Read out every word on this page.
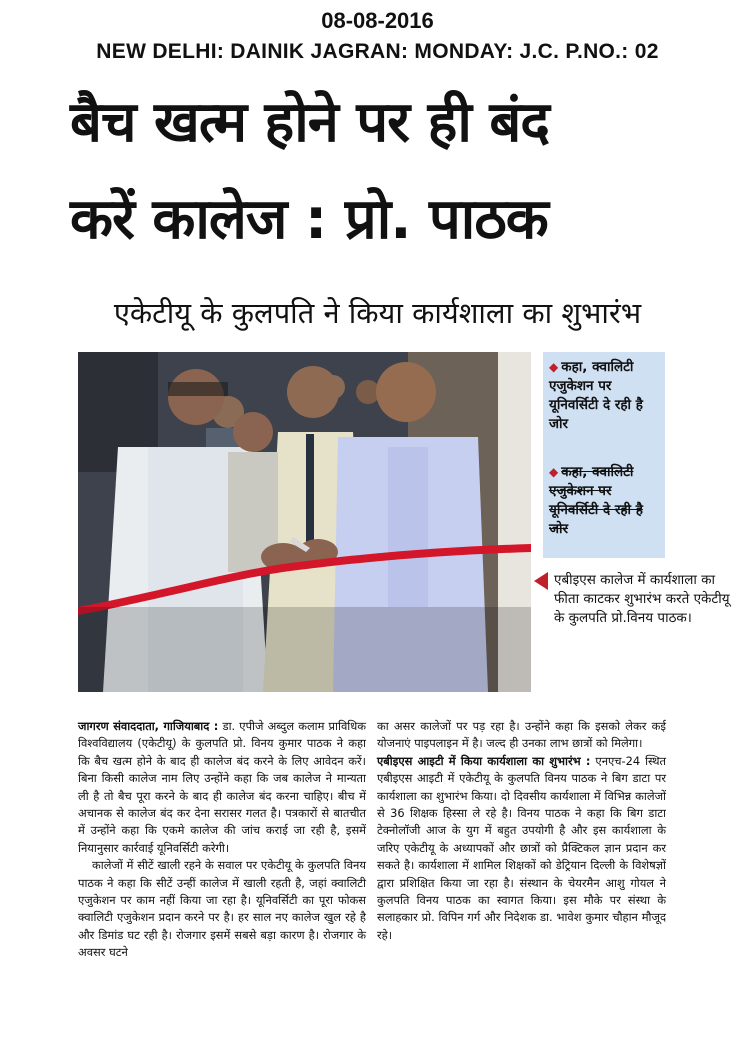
08-08-2016
NEW DELHI: DAINIK JAGRAN: MONDAY: J.C. P.NO.: 02
बैच खत्म होने पर ही बंद
करें कालेज : प्रो. पाठक
एकेटीयू के कुलपति ने किया कार्यशाला का शुभारंभ
◆ कहा, क्वालिटी एजुकेशन पर यूनिवर्सिटी दे रही है जोर
◆ कहा, क्वालिटी एजुकेशन पर यूनिवर्सिटी दे रही है जोर
एबीइएस कालेज में कार्यशाला का फीता काटकर शुभारंभ करते एकेटीयू के कुलपति प्रो.विनय पाठक।

जागरण संवाददाता, गाजियाबाद : डा. एपीजे अब्दुल कलाम प्राविधिक विश्वविद्यालय (एकेटीयू) के कुलपति प्रो. विनय कुमार पाठक ने कहा कि बैच खत्म होने के बाद ही कालेज बंद करने के लिए आवेदन करें। बिना किसी कालेज नाम लिए उन्होंने कहा कि जब कालेज ने मान्यता ली है तो बैच पूरा करने के बाद ही कालेज बंद करना चाहिए। बीच में अचानक से कालेज बंद कर देना सरासर गलत है। पत्रकारों से बातचीत में उन्होंने कहा कि एकमे कालेज की जांच कराई जा रही है, इसमें नियानुसार कार्रवाई यूनिवर्सिटी करेगी।

कालेजों में सीटें खाली रहने के सवाल पर एकेटीयू के कुलपति विनय पाठक ने कहा कि सीटें उन्हीं कालेज में खाली रहती है, जहां क्वालिटी एजुकेशन पर काम नहीं किया जा रहा है। यूनिवर्सिटी का पूरा फोकस क्वालिटी एजुकेशन प्रदान करने पर है। हर साल नए कालेज खुल रहे है और डिमांड घट रही है। रोजगार इसमें सबसे बड़ा कारण है। रोजगार के अवसर घटने

का असर कालेजों पर पड़ रहा है। उन्होंने कहा कि इसको लेकर कई योजनाएं पाइपलाइन में है। जल्द ही उनका लाभ छात्रों को मिलेगा।

एबीइएस आइटी में किया कार्यशाला का शुभारंभ : एनएच-24 स्थित एबीइएस आइटी में एकेटीयू के कुलपति विनय पाठक ने बिग डाटा पर कार्यशाला का शुभारंभ किया। दो दिवसीय कार्यशाला में विभिन्न कालेजों से 36 शिक्षक हिस्सा ले रहे है। विनय पाठक ने कहा कि बिग डाटा टेक्नोलॉजी आज के युग में बहुत उपयोगी है और इस कार्यशाला के जरिए एकेटीयू के अध्यापकों और छात्रों को प्रैक्टिकल ज्ञान प्रदान कर सकते है। कार्यशाला में शामिल शिक्षकों को डेट्रियान दिल्ली के विशेषज्ञों द्वारा प्रशिक्षित किया जा रहा है। संस्थान के चेयरमैन आशु गोयल ने कुलपति विनय पाठक का स्वागत किया। इस मौके पर संस्था के सलाहकार प्रो. विपिन गर्ग और निदेशक डा. भावेश कुमार चौहान मौजूद रहे।
